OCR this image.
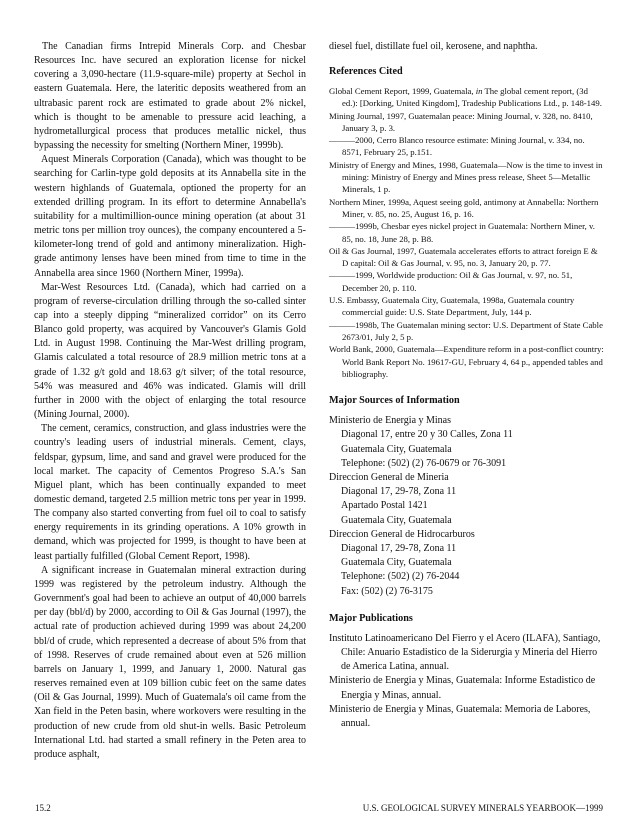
The Canadian firms Intrepid Minerals Corp. and Chesbar Resources Inc. have secured an exploration license for nickel covering a 3,090-hectare (11.9-square-mile) property at Sechol in eastern Guatemala. Here, the lateritic deposits weathered from an ultrabasic parent rock are estimated to grade about 2% nickel, which is thought to be amenable to pressure acid leaching, a hydrometallurgical process that produces metallic nickel, thus bypassing the necessity for smelting (Northern Miner, 1999b).

Aquest Minerals Corporation (Canada), which was thought to be searching for Carlin-type gold deposits at its Annabella site in the western highlands of Guatemala, optioned the property for an extended drilling program. In its effort to determine Annabella's suitability for a multimillion-ounce mining operation (at about 31 metric tons per million troy ounces), the company encountered a 5-kilometer-long trend of gold and antimony mineralization. High-grade antimony lenses have been mined from time to time in the Annabella area since 1960 (Northern Miner, 1999a).

Mar-West Resources Ltd. (Canada), which had carried on a program of reverse-circulation drilling through the so-called sinter cap into a steeply dipping “mineralized corridor” on its Cerro Blanco gold property, was acquired by Vancouver's Glamis Gold Ltd. in August 1998. Continuing the Mar-West drilling program, Glamis calculated a total resource of 28.9 million metric tons at a grade of 1.32 g/t gold and 18.63 g/t silver; of the total resource, 54% was measured and 46% was indicated. Glamis will drill further in 2000 with the object of enlarging the total resource (Mining Journal, 2000).

The cement, ceramics, construction, and glass industries were the country's leading users of industrial minerals. Cement, clays, feldspar, gypsum, lime, and sand and gravel were produced for the local market. The capacity of Cementos Progreso S.A.'s San Miguel plant, which has been continually expanded to meet domestic demand, targeted 2.5 million metric tons per year in 1999. The company also started converting from fuel oil to coal to satisfy energy requirements in its grinding operations. A 10% growth in demand, which was projected for 1999, is thought to have been at least partially fulfilled (Global Cement Report, 1998).

A significant increase in Guatemalan mineral extraction during 1999 was registered by the petroleum industry. Although the Government's goal had been to achieve an output of 40,000 barrels per day (bbl/d) by 2000, according to Oil & Gas Journal (1997), the actual rate of production achieved during 1999 was about 24,200 bbl/d of crude, which represented a decrease of about 5% from that of 1998. Reserves of crude remained about even at 526 million barrels on January 1, 1999, and January 1, 2000. Natural gas reserves remained even at 109 billion cubic feet on the same dates (Oil & Gas Journal, 1999). Much of Guatemala's oil came from the Xan field in the Peten basin, where workovers were resulting in the production of new crude from old shut-in wells. Basic Petroleum International Ltd. had started a small refinery in the Peten area to produce asphalt,

diesel fuel, distillate fuel oil, kerosene, and naphtha.

References Cited

Global Cement Report, 1999, Guatemala, in The global cement report, (3d ed.): [Dorking, United Kingdom], Tradeship Publications Ltd., p. 148-149.

Mining Journal, 1997, Guatemalan peace: Mining Journal, v. 328, no. 8410, January 3, p. 3.

———2000, Cerro Blanco resource estimate: Mining Journal, v. 334, no. 8571, February 25, p.151.

Ministry of Energy and Mines, 1998, Guatemala—Now is the time to invest in mining: Ministry of Energy and Mines press release, Sheet 5—Metallic Minerals, 1 p.

Northern Miner, 1999a, Aquest seeing gold, antimony at Annabella: Northern Miner, v. 85, no. 25, August 16, p. 16.

———1999b, Chesbar eyes nickel project in Guatemala: Northern Miner, v. 85, no. 18, June 28, p. B8.

Oil & Gas Journal, 1997, Guatemala accelerates efforts to attract foreign E & D capital: Oil & Gas Journal, v. 95, no. 3, January 20, p. 77.

———1999, Worldwide production: Oil & Gas Journal, v. 97, no. 51, December 20, p. 110.

U.S. Embassy, Guatemala City, Guatemala, 1998a, Guatemala country commercial guide: U.S. State Department, July, 144 p.

———1998b, The Guatemalan mining sector: U.S. Department of State Cable 2673/01, July 2, 5 p.

World Bank, 2000, Guatemala—Expenditure reform in a post-conflict country: World Bank Report No. 19617-GU, February 4, 64 p., appended tables and bibliography.

Major Sources of Information

Ministerio de Energia y Minas

Diagonal 17, entre 20 y 30 Calles, Zona 11

Guatemala City, Guatemala

Telephone: (502) (2) 76-0679 or 76-3091

Direccion General de Mineria

Diagonal 17, 29-78, Zona 11

Apartado Postal 1421

Guatemala City, Guatemala

Direccion General de Hidrocarburos

Diagonal 17, 29-78, Zona 11

Guatemala City, Guatemala

Telephone: (502) (2) 76-2044

Fax: (502) (2) 76-3175

Major Publications

Instituto Latinoamericano Del Fierro y el Acero (ILAFA), Santiago, Chile: Anuario Estadistico de la Siderurgia y Mineria del Hierro de America Latina, annual.

Ministerio de Energia y Minas, Guatemala: Informe Estadistico de Energia y Minas, annual.

Ministerio de Energia y Minas, Guatemala: Memoria de Labores, annual.

15.2	U.S. GEOLOGICAL SURVEY MINERALS YEARBOOK—1999
